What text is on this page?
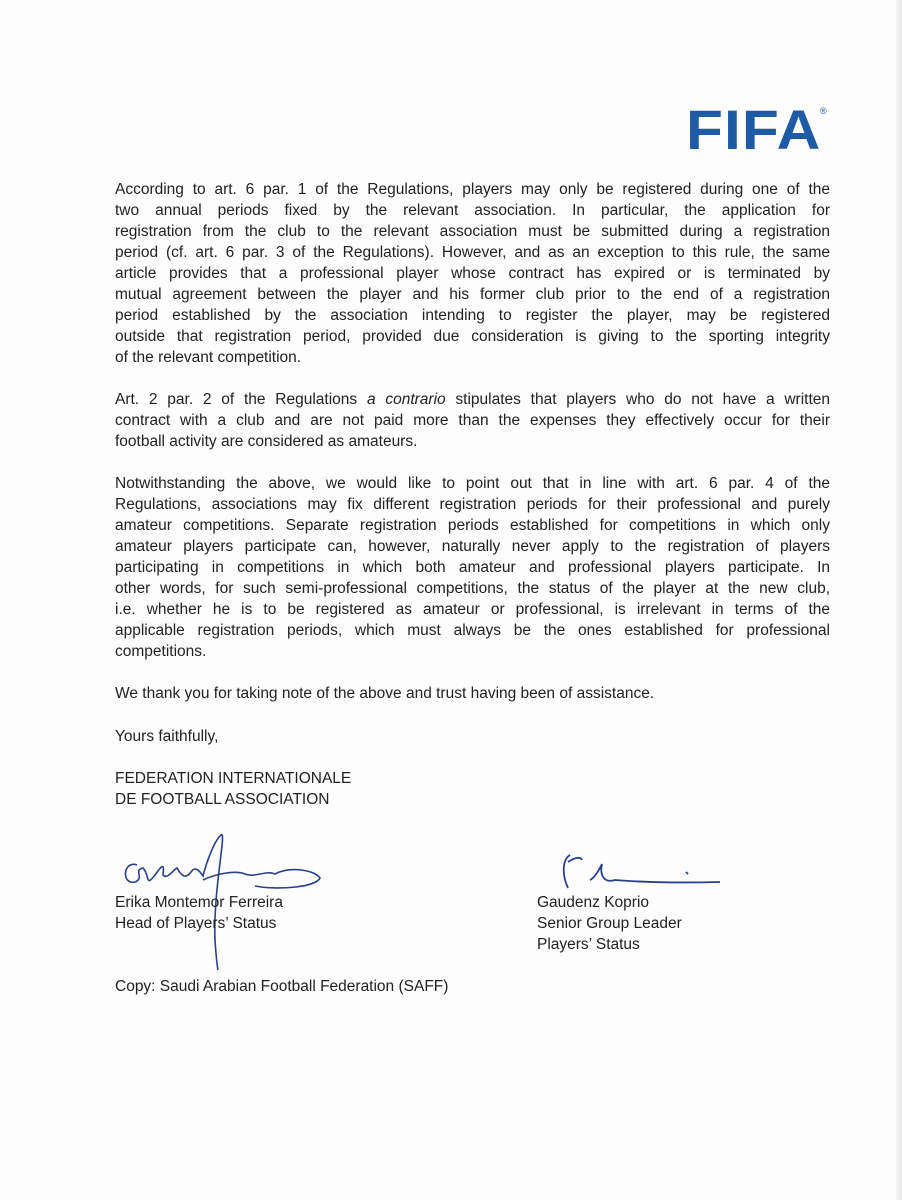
FIFA
®
According to art. 6 par. 1 of the Regulations, players may only be registered during one of the
two annual periods fixed by the relevant association. In particular, the application for
registration from the club to the relevant association must be submitted during a registration
period (cf. art. 6 par. 3 of the Regulations). However, and as an exception to this rule, the same
article provides that a professional player whose contract has expired or is terminated by
mutual agreement between the player and his former club prior to the end of a registration
period established by the association intending to register the player, may be registered
outside that registration period, provided due consideration is giving to the sporting integrity
of the relevant competition.
Art. 2 par. 2 of the Regulations a contrario stipulates that players who do not have a written
contract with a club and are not paid more than the expenses they effectively occur for their
football activity are considered as amateurs.
Notwithstanding the above, we would like to point out that in line with art. 6 par. 4 of the
Regulations, associations may fix different registration periods for their professional and purely
amateur competitions. Separate registration periods established for competitions in which only
amateur players participate can, however, naturally never apply to the registration of players
participating in competitions in which both amateur and professional players participate. In
other words, for such semi-professional competitions, the status of the player at the new club,
i.e. whether he is to be registered as amateur or professional, is irrelevant in terms of the
applicable registration periods, which must always be the ones established for professional
competitions.
We thank you for taking note of the above and trust having been of assistance.
Yours faithfully,
FEDERATION INTERNATIONALE
DE FOOTBALL ASSOCIATION
Erika Montemor Ferreira
Head of Players’ Status
Gaudenz Koprio
Senior Group Leader
Players’ Status
Copy: Saudi Arabian Football Federation (SAFF)
